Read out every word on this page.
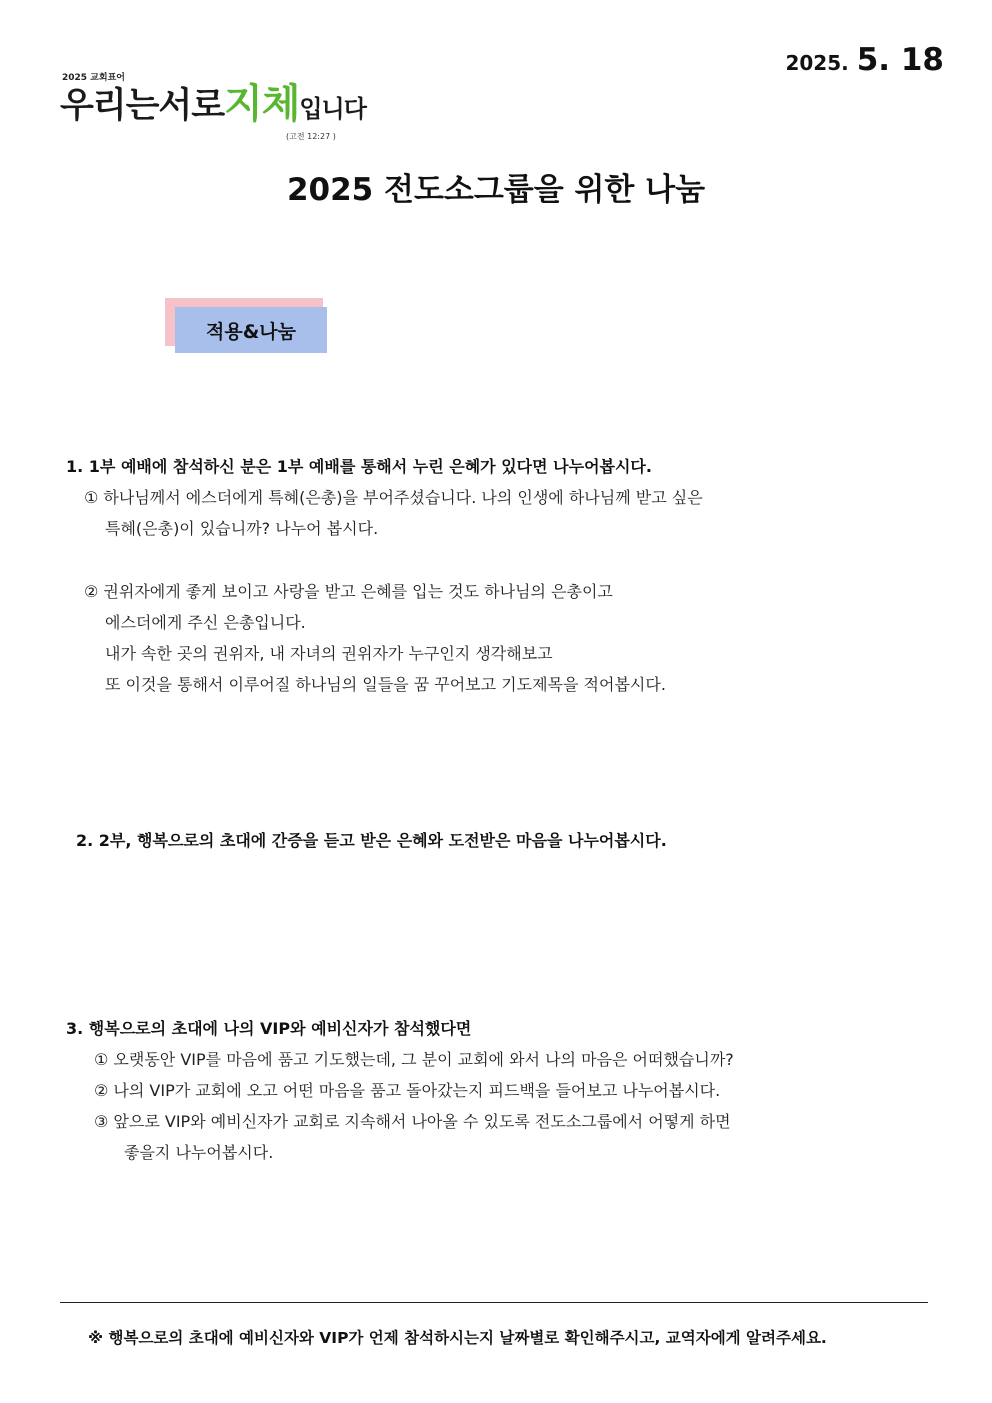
2025 교회표어
우리는서로지체입니다
(고전 12:27 )
2025. 5. 18
2025 전도소그룹을 위한 나눔
적용&나눔
1. 1부 예배에 참석하신 분은 1부 예배를 통해서 누린 은혜가 있다면 나누어봅시다.
① 하나님께서 에스더에게 특혜(은총)을 부어주셨습니다. 나의 인생에 하나님께 받고 싶은
특혜(은총)이 있습니까? 나누어 봅시다.
② 권위자에게 좋게 보이고 사랑을 받고 은혜를 입는 것도 하나님의 은총이고
에스더에게 주신 은총입니다.
내가 속한 곳의 권위자, 내 자녀의 권위자가 누구인지 생각해보고
또 이것을 통해서 이루어질 하나님의 일들을 꿈 꾸어보고 기도제목을 적어봅시다.
2. 2부, 행복으로의 초대에 간증을 듣고 받은 은혜와 도전받은 마음을 나누어봅시다.
3. 행복으로의 초대에 나의 VIP와 예비신자가 참석했다면
① 오랫동안 VIP를 마음에 품고 기도했는데, 그 분이 교회에 와서 나의 마음은 어떠했습니까?
② 나의 VIP가 교회에 오고 어떤 마음을 품고 돌아갔는지 피드백을 들어보고 나누어봅시다.
③ 앞으로 VIP와 예비신자가 교회로 지속해서 나아올 수 있도록 전도소그룹에서 어떻게 하면
좋을지 나누어봅시다.
※ 행복으로의 초대에 예비신자와 VIP가 언제 참석하시는지 날짜별로 확인해주시고, 교역자에게 알려주세요.
